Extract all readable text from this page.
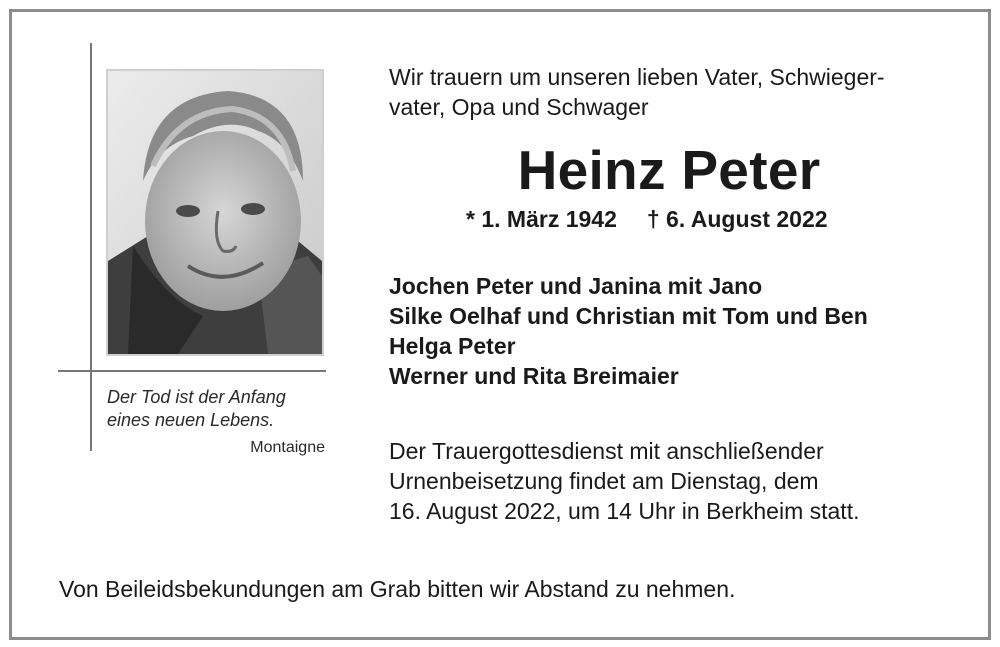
Der Tod ist der Anfang
eines neuen Lebens.
Montaigne
Wir trauern um unseren lieben Vater, Schwieger-
vater, Opa und Schwager
Heinz Peter
* 1. März 1942 † 6. August 2022
Jochen Peter und Janina mit Jano
Silke Oelhaf und Christian mit Tom und Ben
Helga Peter
Werner und Rita Breimaier
Der Trauergottesdienst mit anschließender
Urnenbeisetzung findet am Dienstag, dem
16. August 2022, um 14 Uhr in Berkheim statt.
Von Beileidsbekundungen am Grab bitten wir Abstand zu nehmen.
